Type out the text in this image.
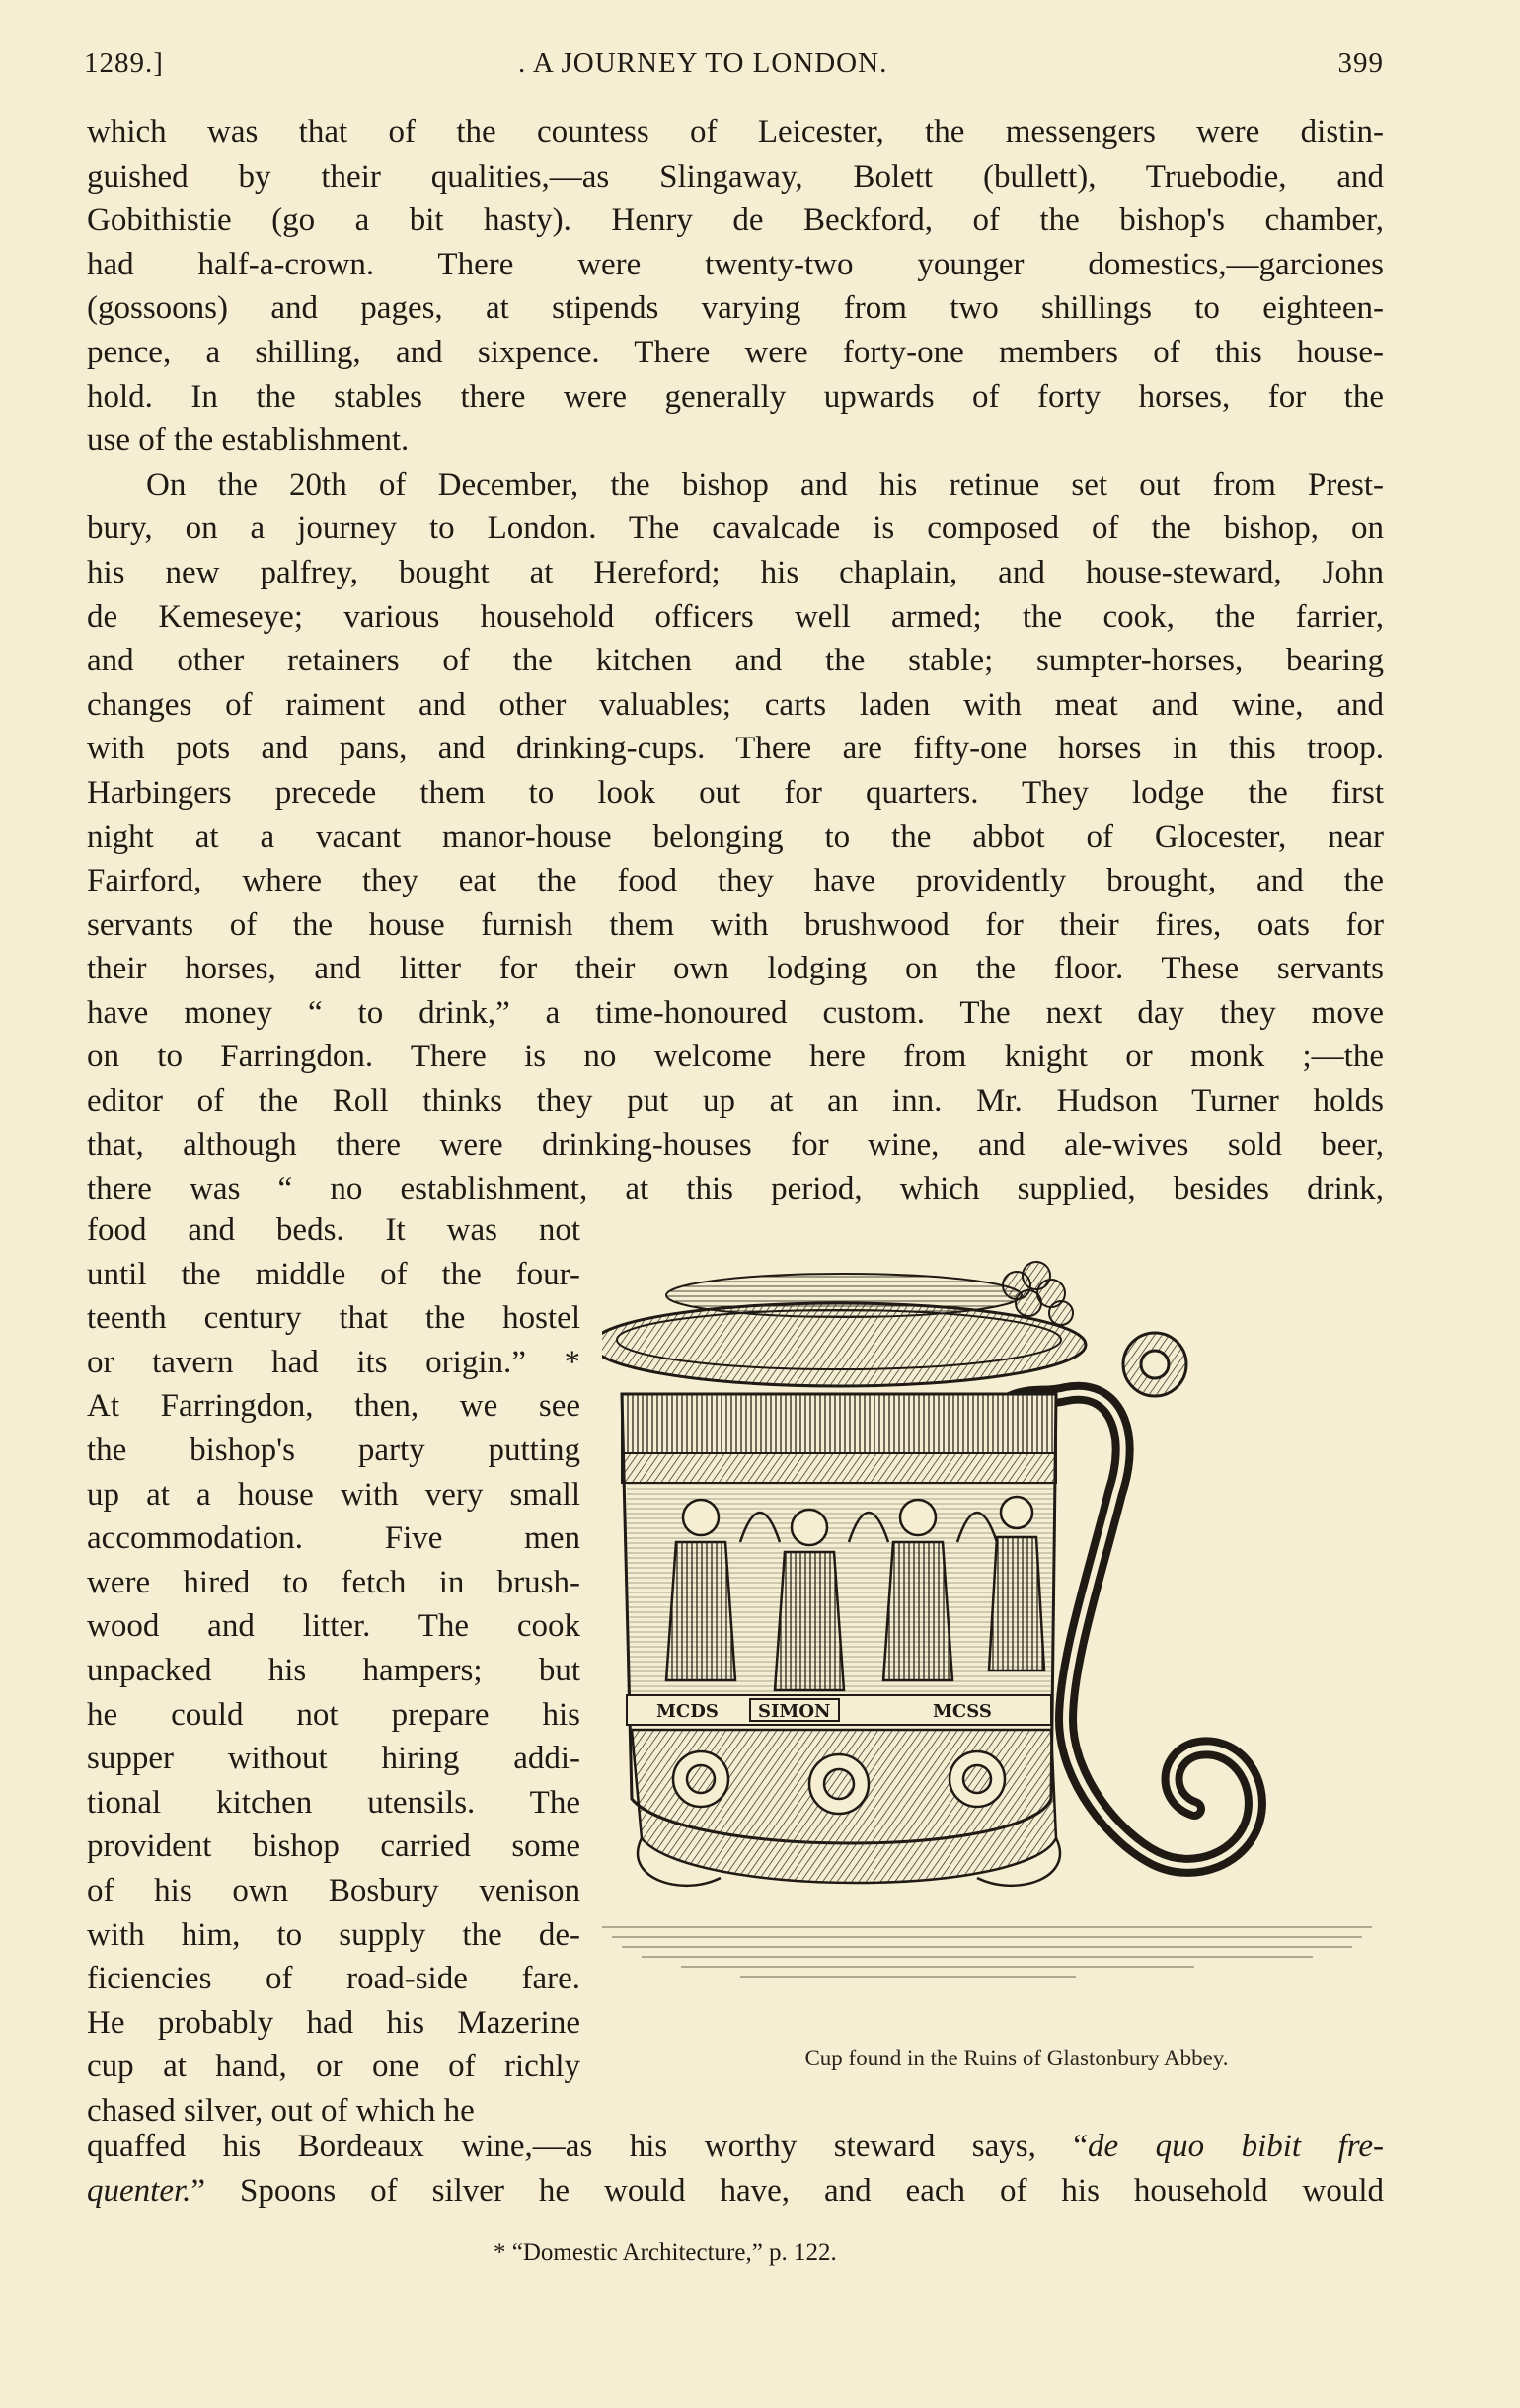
1289.]	. A JOURNEY TO LONDON.	399
which was that of the countess of Leicester, the messengers were distin-
guished by their qualities,—as Slingaway, Bolett (bullett), Truebodie, and
Gobithistie (go a bit hasty). Henry de Beckford, of the bishop's chamber,
had half-a-crown. There were twenty-two younger domestics,—garciones
(gossoons) and pages, at stipends varying from two shillings to eighteen-
pence, a shilling, and sixpence. There were forty-one members of this house-
hold. In the stables there were generally upwards of forty horses, for the
use of the establishment.
On the 20th of December, the bishop and his retinue set out from Prest-
bury, on a journey to London. The cavalcade is composed of the bishop, on
his new palfrey, bought at Hereford; his chaplain, and house-steward, John
de Kemeseye; various household officers well armed; the cook, the farrier,
and other retainers of the kitchen and the stable; sumpter-horses, bearing
changes of raiment and other valuables; carts laden with meat and wine, and
with pots and pans, and drinking-cups. There are fifty-one horses in this troop.
Harbingers precede them to look out for quarters. They lodge the first
night at a vacant manor-house belonging to the abbot of Glocester, near
Fairford, where they eat the food they have providently brought, and the
servants of the house furnish them with brushwood for their fires, oats for
their horses, and litter for their own lodging on the floor. These servants
have money “ to drink,” a time-honoured custom. The next day they move
on to Farringdon. There is no welcome here from knight or monk ;—the
editor of the Roll thinks they put up at an inn. Mr. Hudson Turner holds
that, although there were drinking-houses for wine, and ale-wives sold beer,
there was “ no establishment, at this period, which supplied, besides drink,
food and beds. It was not
until the middle of the four-
teenth century that the hostel
or tavern had its origin.” *
At Farringdon, then, we see
the bishop's party putting
up at a house with very small
accommodation. Five men
were hired to fetch in brush-
wood and litter. The cook
unpacked his hampers; but
he could not prepare his
supper without hiring addi-
tional kitchen utensils. The
provident bishop carried some
of his own Bosbury venison
with him, to supply the de-
ficiencies of road-side fare.
He probably had his Mazerine
cup at hand, or one of richly
chased silver, out of which he
quaffed his Bordeaux wine,—as his worthy steward says, “de quo bibit fre-
quenter.” Spoons of silver he would have, and each of his household would
MCDS SIMON	MCSS
Cup found in the Ruins of Glastonbury Abbey.
* “Domestic Architecture,” p. 122.
